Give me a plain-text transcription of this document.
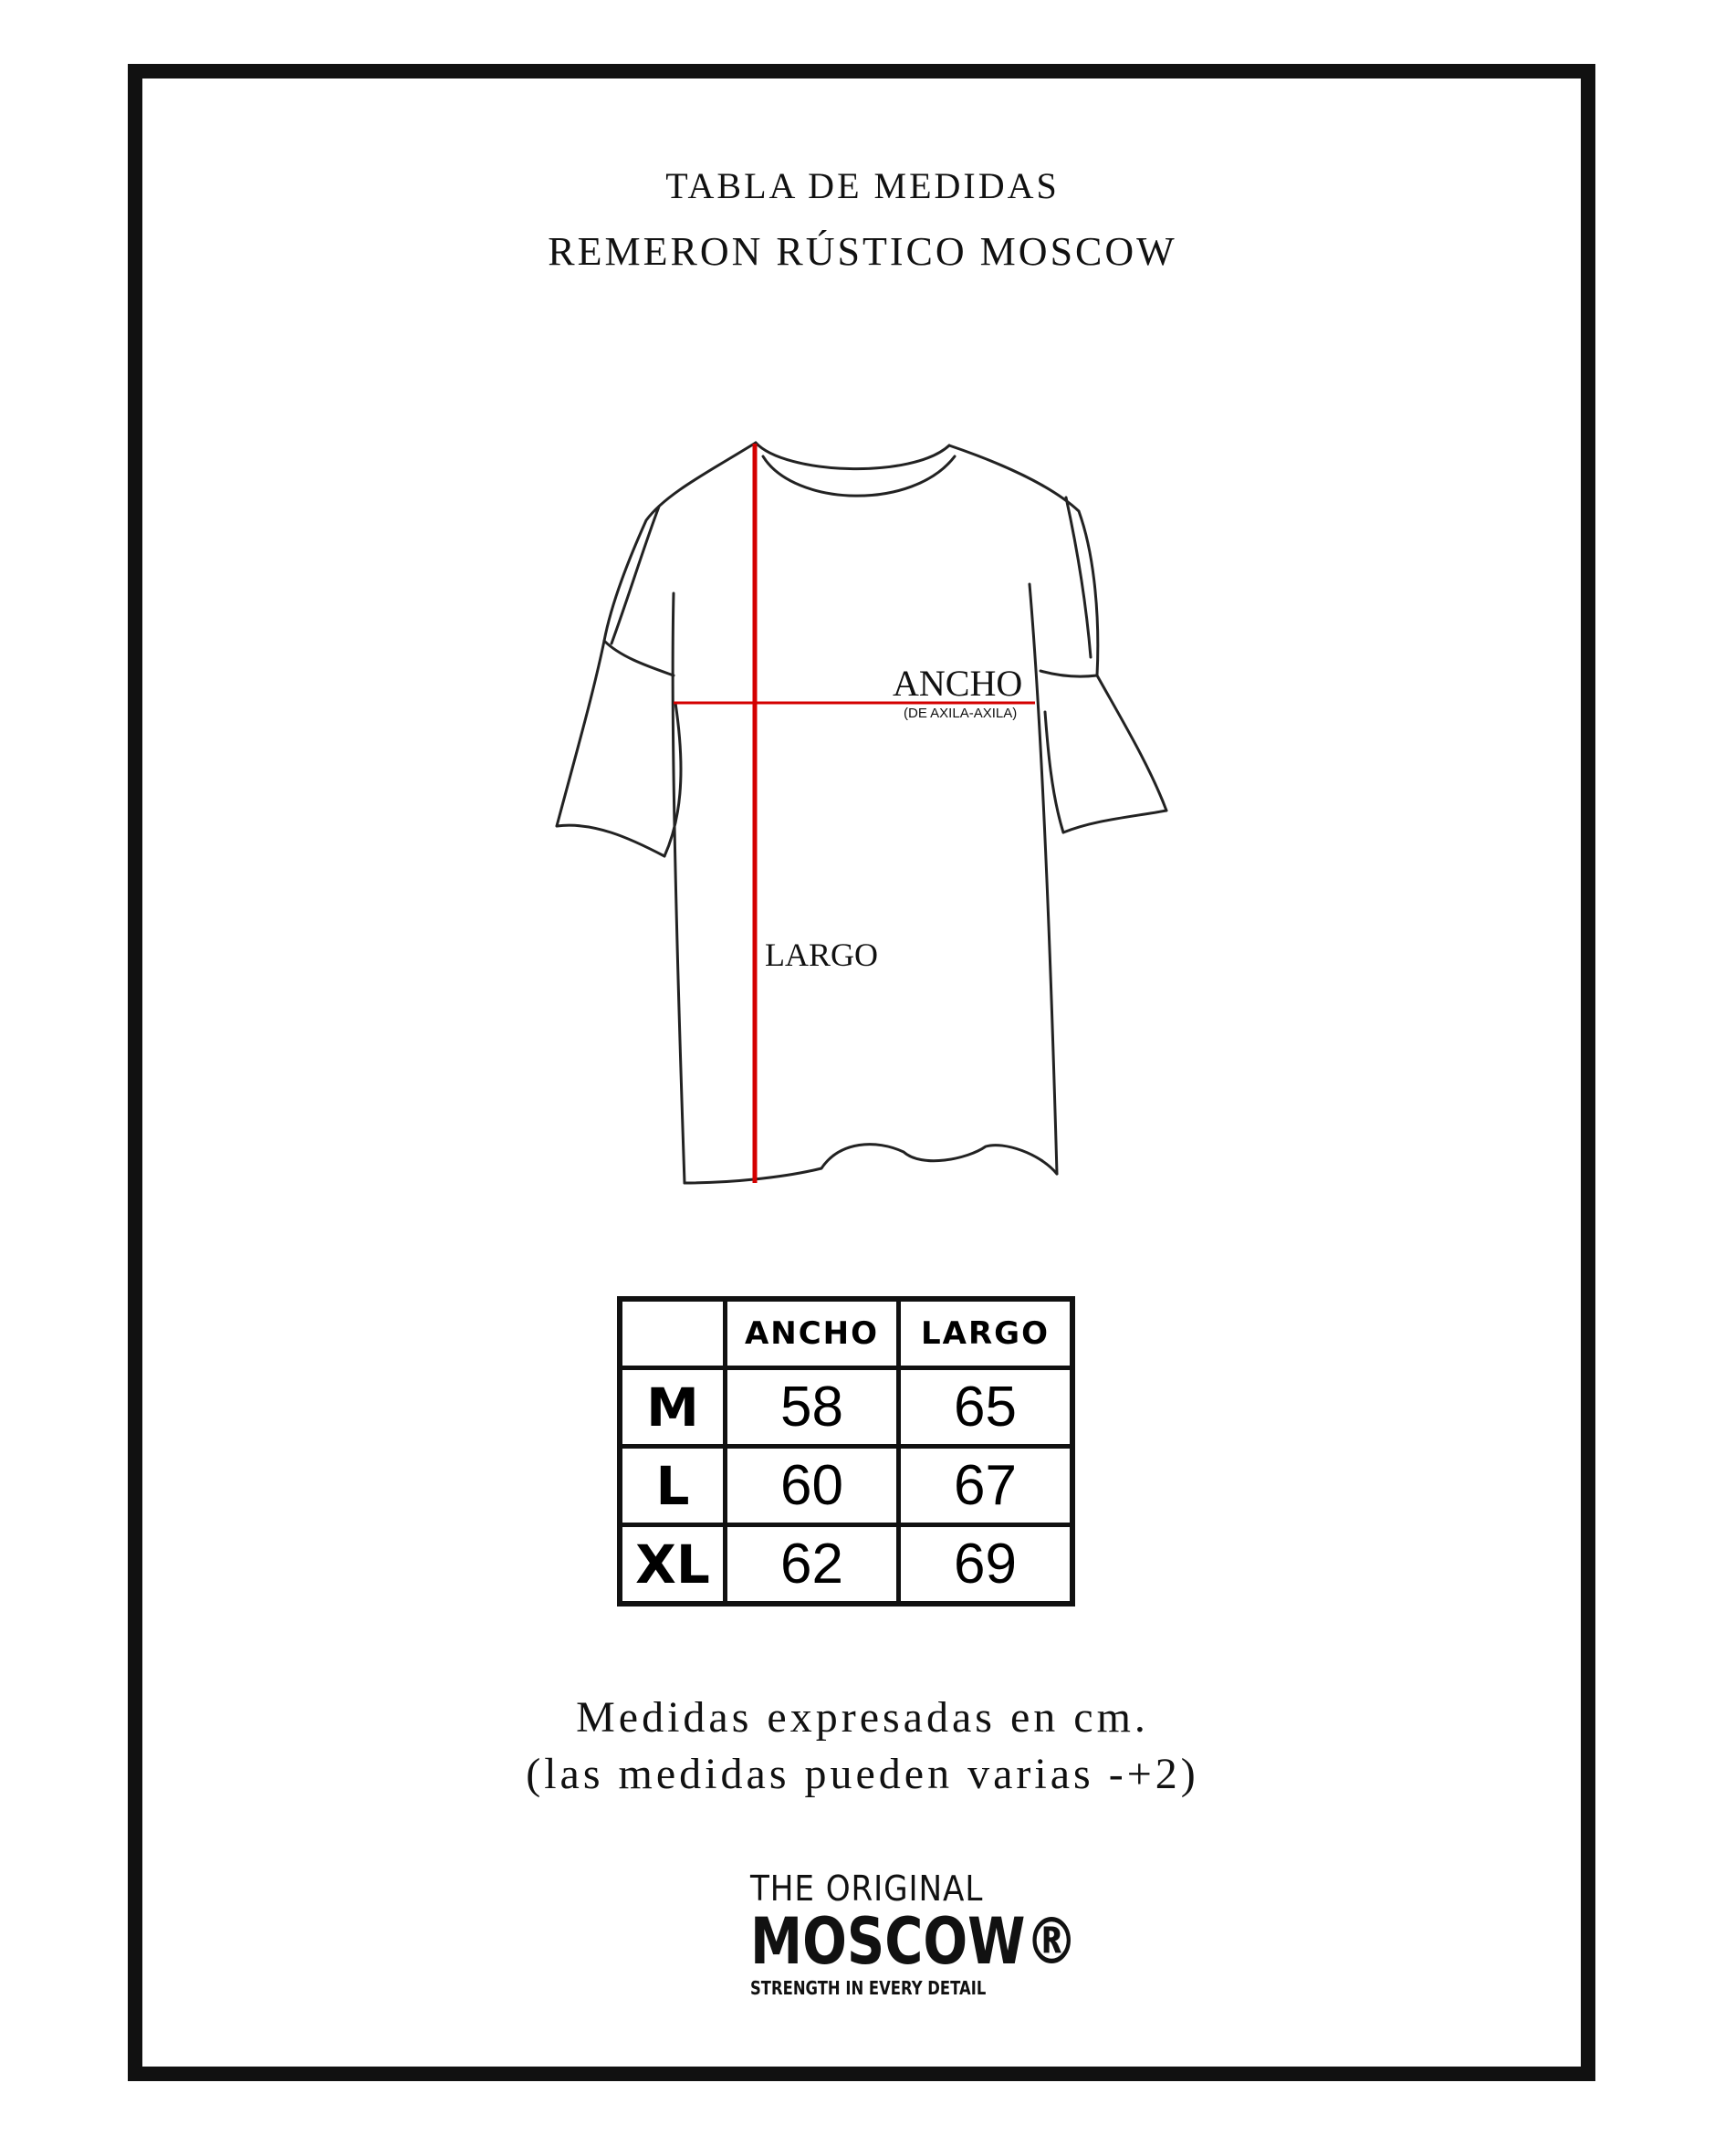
TABLA DE MEDIDAS
REMERON RÚSTICO MOSCOW
ANCHO
(DE AXILA-AXILA)
LARGO
	ANCHO	LARGO
M	58	65
L	60	67
XL	62	69
Medidas expresadas en cm.
(las medidas pueden varias -+2)
THE ORIGINAL
MOSCOW®
STRENGTH IN EVERY DETAIL
